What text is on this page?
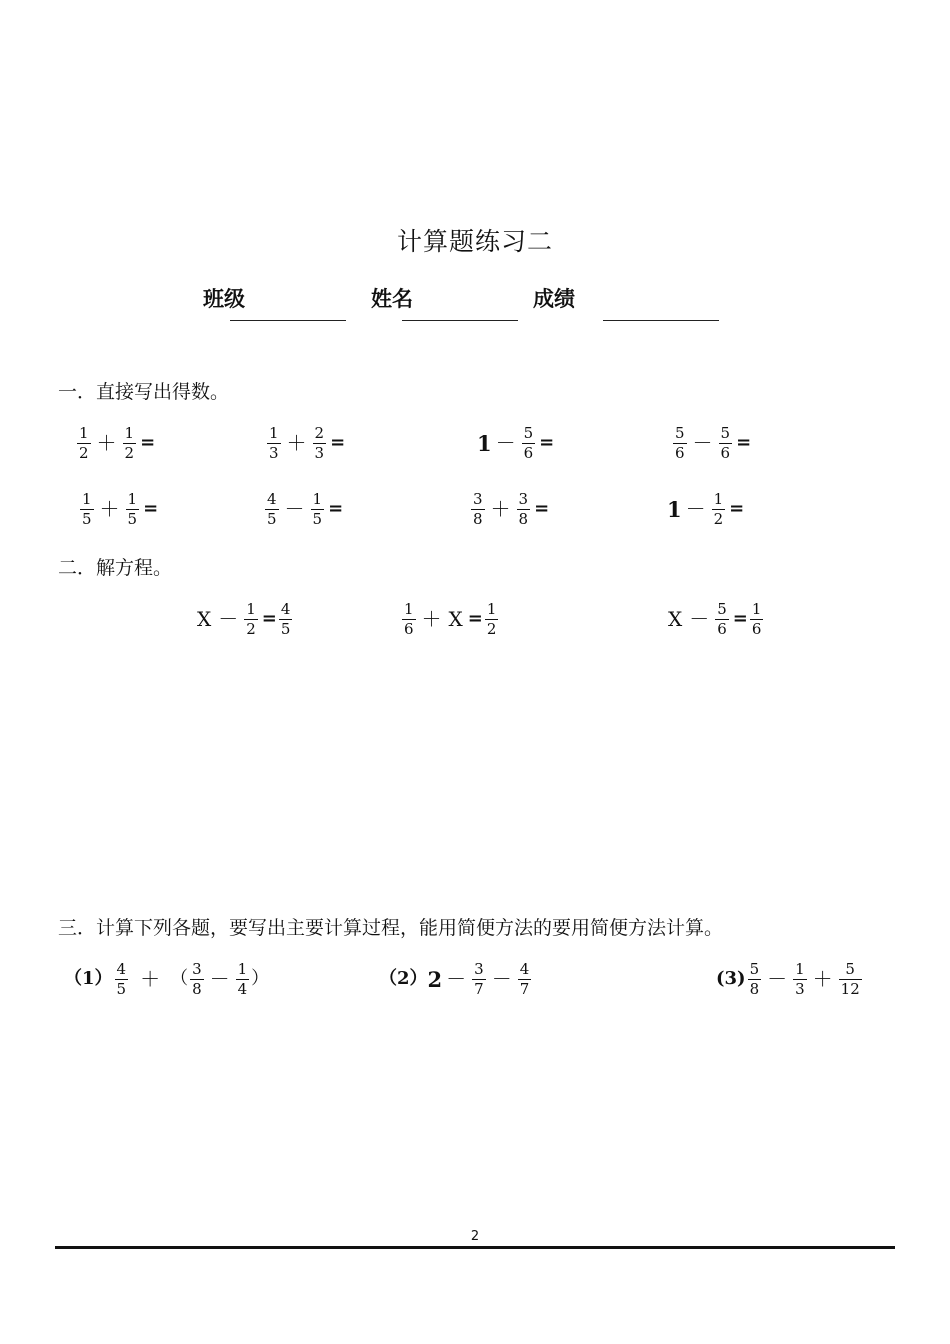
计算题练习二
班级	姓名	成绩
一．直接写出得数。
$\frac{1}{2} + \frac{1}{2}$ =	$\frac{1}{3} + \frac{2}{3}$ =	$1 - \frac{5}{6}$ =	$\frac{5}{6} - \frac{5}{6}$ =
$\frac{1}{5} + \frac{1}{5}$ =	$\frac{4}{5} - \frac{1}{5}$ =	$\frac{3}{8} + \frac{3}{8}$ =	$1 - \frac{1}{2}$ =
二．解方程。
$X - \frac{1}{2} = \frac{4}{5}$	$\frac{1}{6} + X = \frac{1}{2}$	$X - \frac{5}{6} = \frac{1}{6}$
三．计算下列各题，要写出主要计算过程，能用简便方法的要用简便方法计算。
$(1) \frac{4}{5}$ ＋ （ $\frac{3}{8} - \frac{1}{4}$ ）	（2） $2 - \frac{3}{7} - \frac{4}{7}$	$(3) \frac{5}{8} - \frac{1}{3} + \frac{5}{12}$
2
